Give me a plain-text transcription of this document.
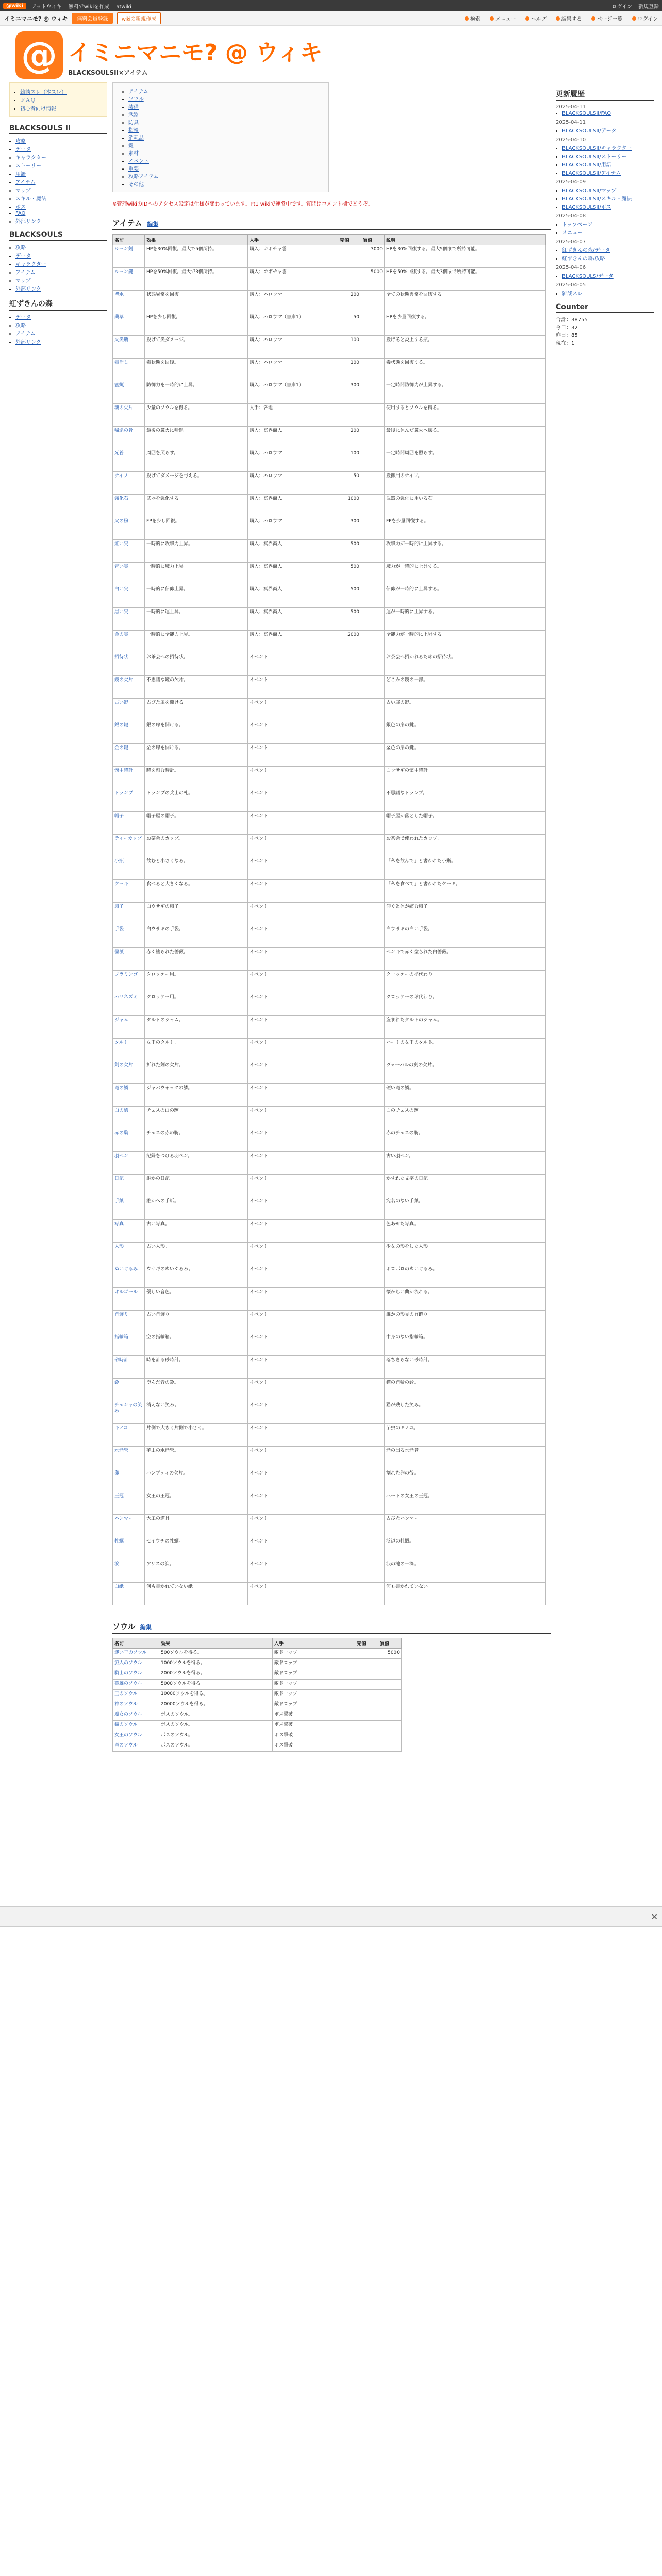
@wiki	アットウィキ 無料でwikiを作成 atwiki	ログイン 新規登録
イミニマニモ? @ ウィキ	無料会員登録	wikiの新規作成	検索	メニュー	ヘルプ	編集する	ページ一覧	ログイン
@ イミニマニモ? @ ウィキ
BLACKSOULSII×アイテム
• 雑談スレ（本スレ）
• ＦＡＱ
• 初心者向け情報
BLACKSOULS II
• 攻略
• データ
• キャラクター
• ストーリー
• 用語
• アイテム
• マップ
• スキル・魔法
• ボス
• FAQ
• 外部リンク
BLACKSOULS
• 攻略
• データ
• キャラクター
• アイテム
• マップ
• 外部リンク
紅ずきんの森
• データ
• 攻略
• アイテム
• 外部リンク
• アイテム
• ソウル
• 装備
• 武器
• 防具
• 指輪
• 消耗品
• 鍵
• 素材
• イベント
• 重要
• 攻略アイテム
• その他
※管理wikiのIDへのアクセス設定は仕様が変わっています。Pt1 wikiで運営中です。質問はコメント欄でどうぞ。
アイテム 編集
名前	効果	入手	売値	買値	説明
ルーン剣	HPを30%回復。最大で5個所持。	購入：カボチャ雲		3000	HPを30%回復する。最大5個まで所持可能。
ルーン鍵	HPを50%回復。最大で3個所持。	購入：カボチャ雲		5000	HPを50%回復する。最大3個まで所持可能。
聖水	状態異常を回復。	購入：ハロウマ	200		全ての状態異常を回復する。
薬草	HPを少し回復。	購入：ハロウマ（書庫1）	50		HPを少量回復する。
火炎瓶	投げて炎ダメージ。	購入：ハロウマ	100		投げると炎上する瓶。
毒消し	毒状態を回復。	購入：ハロウマ	100		毒状態を回復する。
蜜蝋	防御力を一時的に上昇。	購入：ハロウマ（書庫1）	300		一定時間防御力が上昇する。
魂の欠片	少量のソウルを得る。	入手：各地			使用するとソウルを得る。
帰還の骨	最後の篝火に帰還。	購入：冥界商人	200		最後に休んだ篝火へ戻る。
光苔	周囲を照らす。	購入：ハロウマ	100		一定時間周囲を照らす。
ナイフ	投げてダメージを与える。	購入：ハロウマ	50		投擲用のナイフ。
強化石	武器を強化する。	購入：冥界商人	1000		武器の強化に用いる石。
火の粉	FPを少し回復。	購入：ハロウマ	300		FPを少量回復する。
紅い実	一時的に攻撃力上昇。	購入：冥界商人	500		攻撃力が一時的に上昇する。
青い実	一時的に魔力上昇。	購入：冥界商人	500		魔力が一時的に上昇する。
白い実	一時的に信仰上昇。	購入：冥界商人	500		信仰が一時的に上昇する。
黒い実	一時的に運上昇。	購入：冥界商人	500		運が一時的に上昇する。
金の実	一時的に全能力上昇。	購入：冥界商人	2000		全能力が一時的に上昇する。
招待状	お茶会への招待状。	イベント			お茶会へ招かれるための招待状。
鏡の欠片	不思議な鏡の欠片。	イベント			どこかの鏡の一部。
古い鍵	古びた扉を開ける。	イベント			古い扉の鍵。
銀の鍵	銀の扉を開ける。	イベント			銀色の扉の鍵。
金の鍵	金の扉を開ける。	イベント			金色の扉の鍵。
懐中時計	時を刻む時計。	イベント			白ウサギの懐中時計。
トランプ	トランプの兵士の札。	イベント			不思議なトランプ。
帽子	帽子屋の帽子。	イベント			帽子屋が落とした帽子。
ティーカップ	お茶会のカップ。	イベント			お茶会で使われたカップ。
小瓶	飲むと小さくなる。	イベント			「私を飲んで」と書かれた小瓶。
ケーキ	食べると大きくなる。	イベント			「私を食べて」と書かれたケーキ。
扇子	白ウサギの扇子。	イベント			仰ぐと体が縮む扇子。
手袋	白ウサギの手袋。	イベント			白ウサギの白い手袋。
薔薇	赤く塗られた薔薇。	イベント			ペンキで赤く塗られた白薔薇。
フラミンゴ	クロッケー用。	イベント			クロッケーの槌代わり。
ハリネズミ	クロッケー用。	イベント			クロッケーの球代わり。
ジャム	タルトのジャム。	イベント			盗まれたタルトのジャム。
タルト	女王のタルト。	イベント			ハートの女王のタルト。
剣の欠片	折れた剣の欠片。	イベント			ヴォーパルの剣の欠片。
竜の鱗	ジャバウォックの鱗。	イベント			硬い竜の鱗。
白の駒	チェスの白の駒。	イベント			白のチェスの駒。
赤の駒	チェスの赤の駒。	イベント			赤のチェスの駒。
羽ペン	記録をつける羽ペン。	イベント			古い羽ペン。
日記	誰かの日記。	イベント			かすれた文字の日記。
手紙	誰かへの手紙。	イベント			宛名のない手紙。
写真	古い写真。	イベント			色あせた写真。
人形	古い人形。	イベント			少女の形をした人形。
ぬいぐるみ	ウサギのぬいぐるみ。	イベント			ボロボロのぬいぐるみ。
オルゴール	優しい音色。	イベント			懐かしい曲が流れる。
首飾り	古い首飾り。	イベント			誰かの形見の首飾り。
指輪箱	空の指輪箱。	イベント			中身のない指輪箱。
砂時計	時を計る砂時計。	イベント			落ちきらない砂時計。
鈴	澄んだ音の鈴。	イベント			猫の首輪の鈴。
チェシャの笑み	消えない笑み。	イベント			猫が残した笑み。
キノコ	片側で大きく片側で小さく。	イベント			芋虫のキノコ。
水煙管	芋虫の水煙管。	イベント			煙の出る水煙管。
卵	ハンプティの欠片。	イベント			割れた卵の殻。
王冠	女王の王冠。	イベント			ハートの女王の王冠。
ハンマー	大工の道具。	イベント			古びたハンマー。
牡蠣	セイウチの牡蠣。	イベント			浜辺の牡蠣。
涙	アリスの涙。	イベント			涙の池の一滴。
白紙	何も書かれていない紙。	イベント			何も書かれていない。
ソウル 編集
名前	効果	入手	売値	買値
迷い子のソウル	500ソウルを得る。	敵ドロップ		5000
旅人のソウル	1000ソウルを得る。	敵ドロップ		
騎士のソウル	2000ソウルを得る。	敵ドロップ		
英雄のソウル	5000ソウルを得る。	敵ドロップ		
王のソウル	10000ソウルを得る。	敵ドロップ		
神のソウル	20000ソウルを得る。	敵ドロップ		
魔女のソウル	ボスのソウル。	ボス撃破		
猫のソウル	ボスのソウル。	ボス撃破		
女王のソウル	ボスのソウル。	ボス撃破		
竜のソウル	ボスのソウル。	ボス撃破		
更新履歴
2025-04-11
• BLACKSOULSII/FAQ
2025-04-11
• BLACKSOULSII/データ
2025-04-10
• BLACKSOULSII/キャラクター
• BLACKSOULSII/ストーリー
• BLACKSOULSII/用語
• BLACKSOULSII/アイテム
2025-04-09
• BLACKSOULSII/マップ
• BLACKSOULSII/スキル・魔法
• BLACKSOULSII/ボス
2025-04-08
• トップページ
• メニュー
2025-04-07
• 紅ずきんの森/データ
• 紅ずきんの森/攻略
2025-04-06
• BLACKSOULS/データ
2025-04-05
• 雑談スレ
Counter
合計：38755
今日：32
昨日：85
現在：1
✕
